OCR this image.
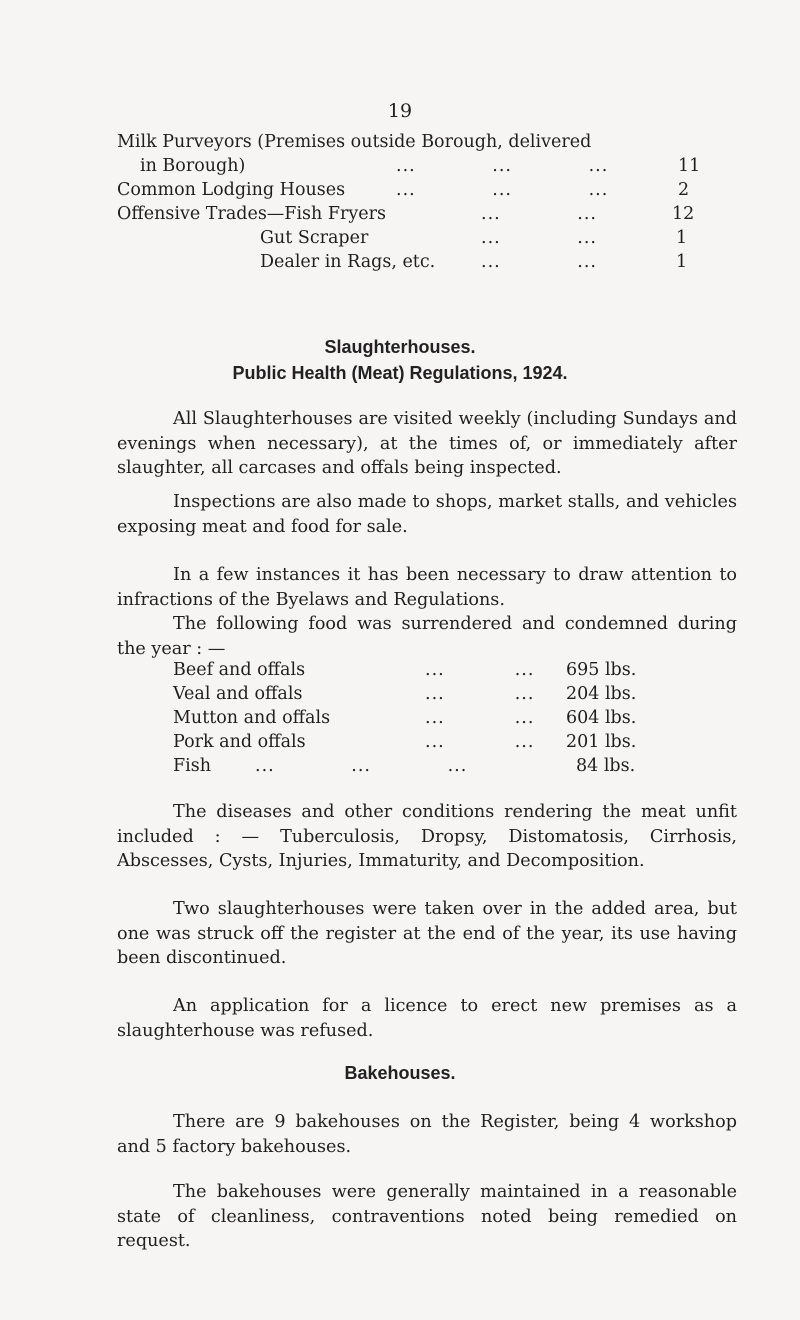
19
Milk Purveyors (Premises outside Borough, delivered
in Borough)	...	...	...	11
Common Lodging Houses	...	...	...	2
Offensive Trades—Fish Fryers	...	...	12
Gut Scraper	...	...	1
Dealer in Rags, etc.	...	...	1
Slaughterhouses.
Public Health (Meat) Regulations, 1924.
All Slaughterhouses are visited weekly (including Sundays and evenings when necessary), at the times of, or immediately after slaughter, all carcases and offals being inspected.
Inspections are also made to shops, market stalls, and vehicles exposing meat and food for sale.
In a few instances it has been necessary to draw attention to infractions of the Byelaws and Regulations.
The following food was surrendered and condemned during the year : —
Beef and offals	...	... 695 lbs.
Veal and offals	...	... 204 lbs.
Mutton and offals	...	... 604 lbs.
Pork and offals	...	... 201 lbs.
Fish	...	...	...	84 lbs.
The diseases and other conditions rendering the meat unfit included : — Tuberculosis, Dropsy, Distomatosis, Cirrhosis, Abscesses, Cysts, Injuries, Immaturity, and Decomposition.
Two slaughterhouses were taken over in the added area, but one was struck off the register at the end of the year, its use having been discontinued.
An application for a licence to erect new premises as a slaughterhouse was refused.
Bakehouses.
There are 9 bakehouses on the Register, being 4 workshop and 5 factory bakehouses.
The bakehouses were generally maintained in a reasonable state of cleanliness, contraventions noted being remedied on request.
